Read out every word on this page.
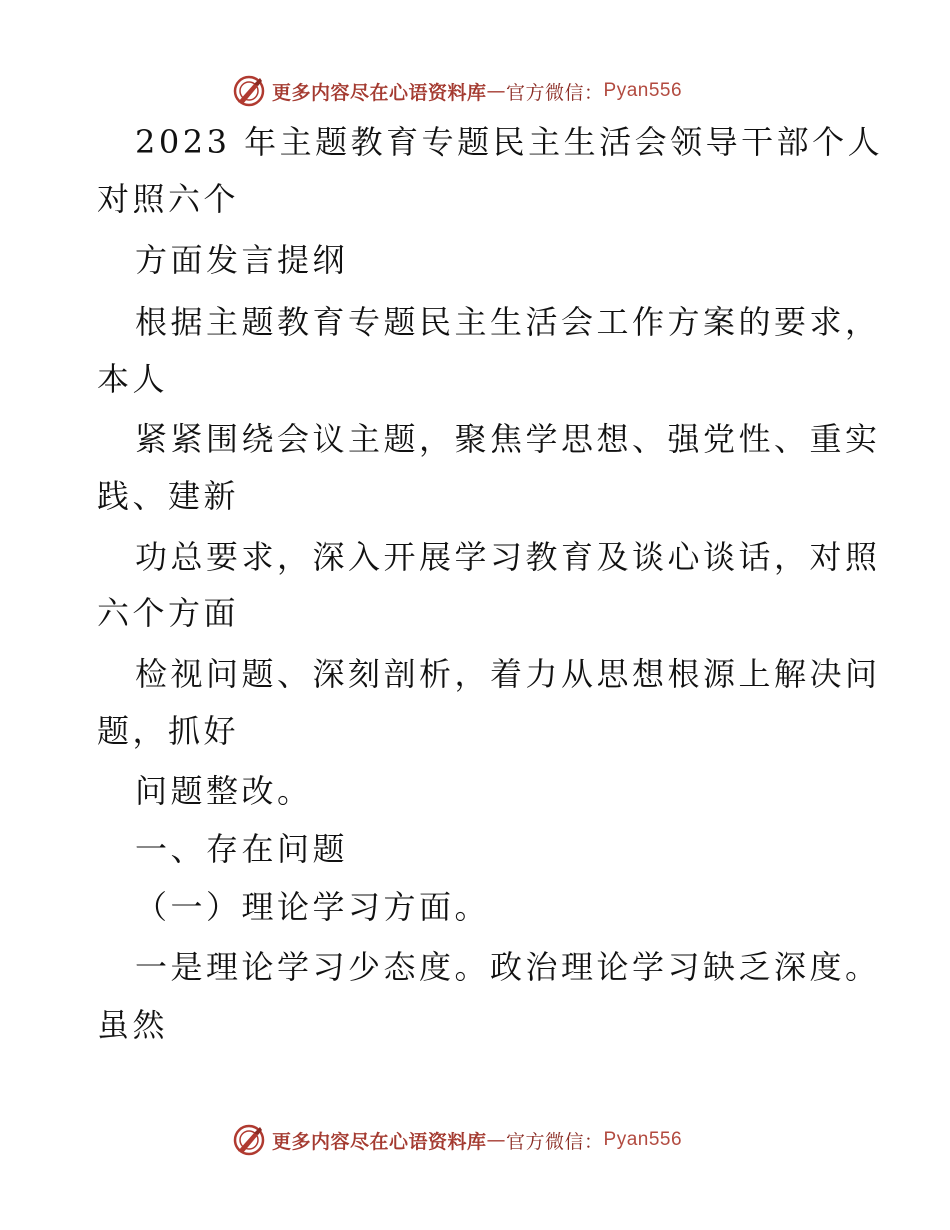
更多内容尽在心语资料库 — 官方微信： Pyan556
2023 年主题教育专题民主生活会领导干部个人
对照六个
方面发言提纲
根据主题教育专题民主生活会工作方案的要求，
本人
紧紧围绕会议主题，聚焦学思想、强党性、重实
践、建新
功总要求，深入开展学习教育及谈心谈话，对照
六个方面
检视问题、深刻剖析，着力从思想根源上解决问
题，抓好
问题整改。
一、存在问题
（一）理论学习方面。
一是理论学习少态度。政治理论学习缺乏深度。
虽然
更多内容尽在心语资料库 — 官方微信： Pyan556
